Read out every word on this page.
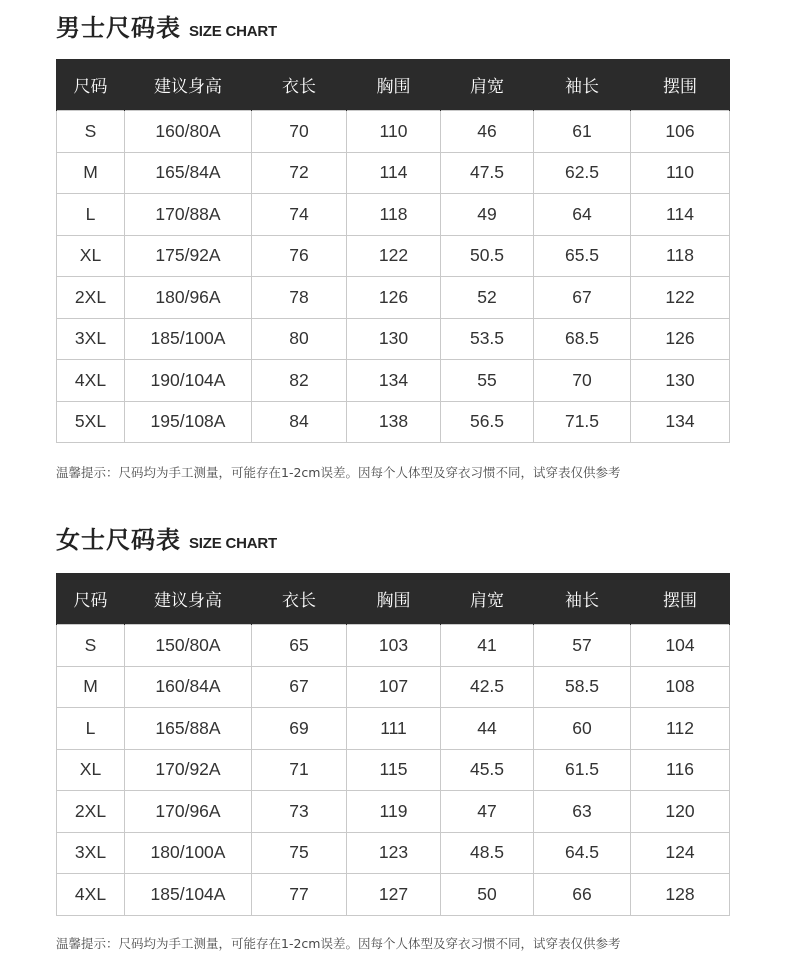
男士尺码表 SIZE CHART
尺码	建议身高	衣长	胸围	肩宽	袖长	摆围
S	160/80A	70	110	46	61	106
M	165/84A	72	114	47.5	62.5	110
L	170/88A	74	118	49	64	114
XL	175/92A	76	122	50.5	65.5	118
2XL	180/96A	78	126	52	67	122
3XL	185/100A	80	130	53.5	68.5	126
4XL	190/104A	82	134	55	70	130
5XL	195/108A	84	138	56.5	71.5	134
温馨提示：尺码均为手工测量，可能存在1-2cm误差。因每个人体型及穿衣习惯不同，试穿表仅供参考
女士尺码表 SIZE CHART
尺码	建议身高	衣长	胸围	肩宽	袖长	摆围
S	150/80A	65	103	41	57	104
M	160/84A	67	107	42.5	58.5	108
L	165/88A	69	111	44	60	112
XL	170/92A	71	115	45.5	61.5	116
2XL	170/96A	73	119	47	63	120
3XL	180/100A	75	123	48.5	64.5	124
4XL	185/104A	77	127	50	66	128
温馨提示：尺码均为手工测量，可能存在1-2cm误差。因每个人体型及穿衣习惯不同，试穿表仅供参考
